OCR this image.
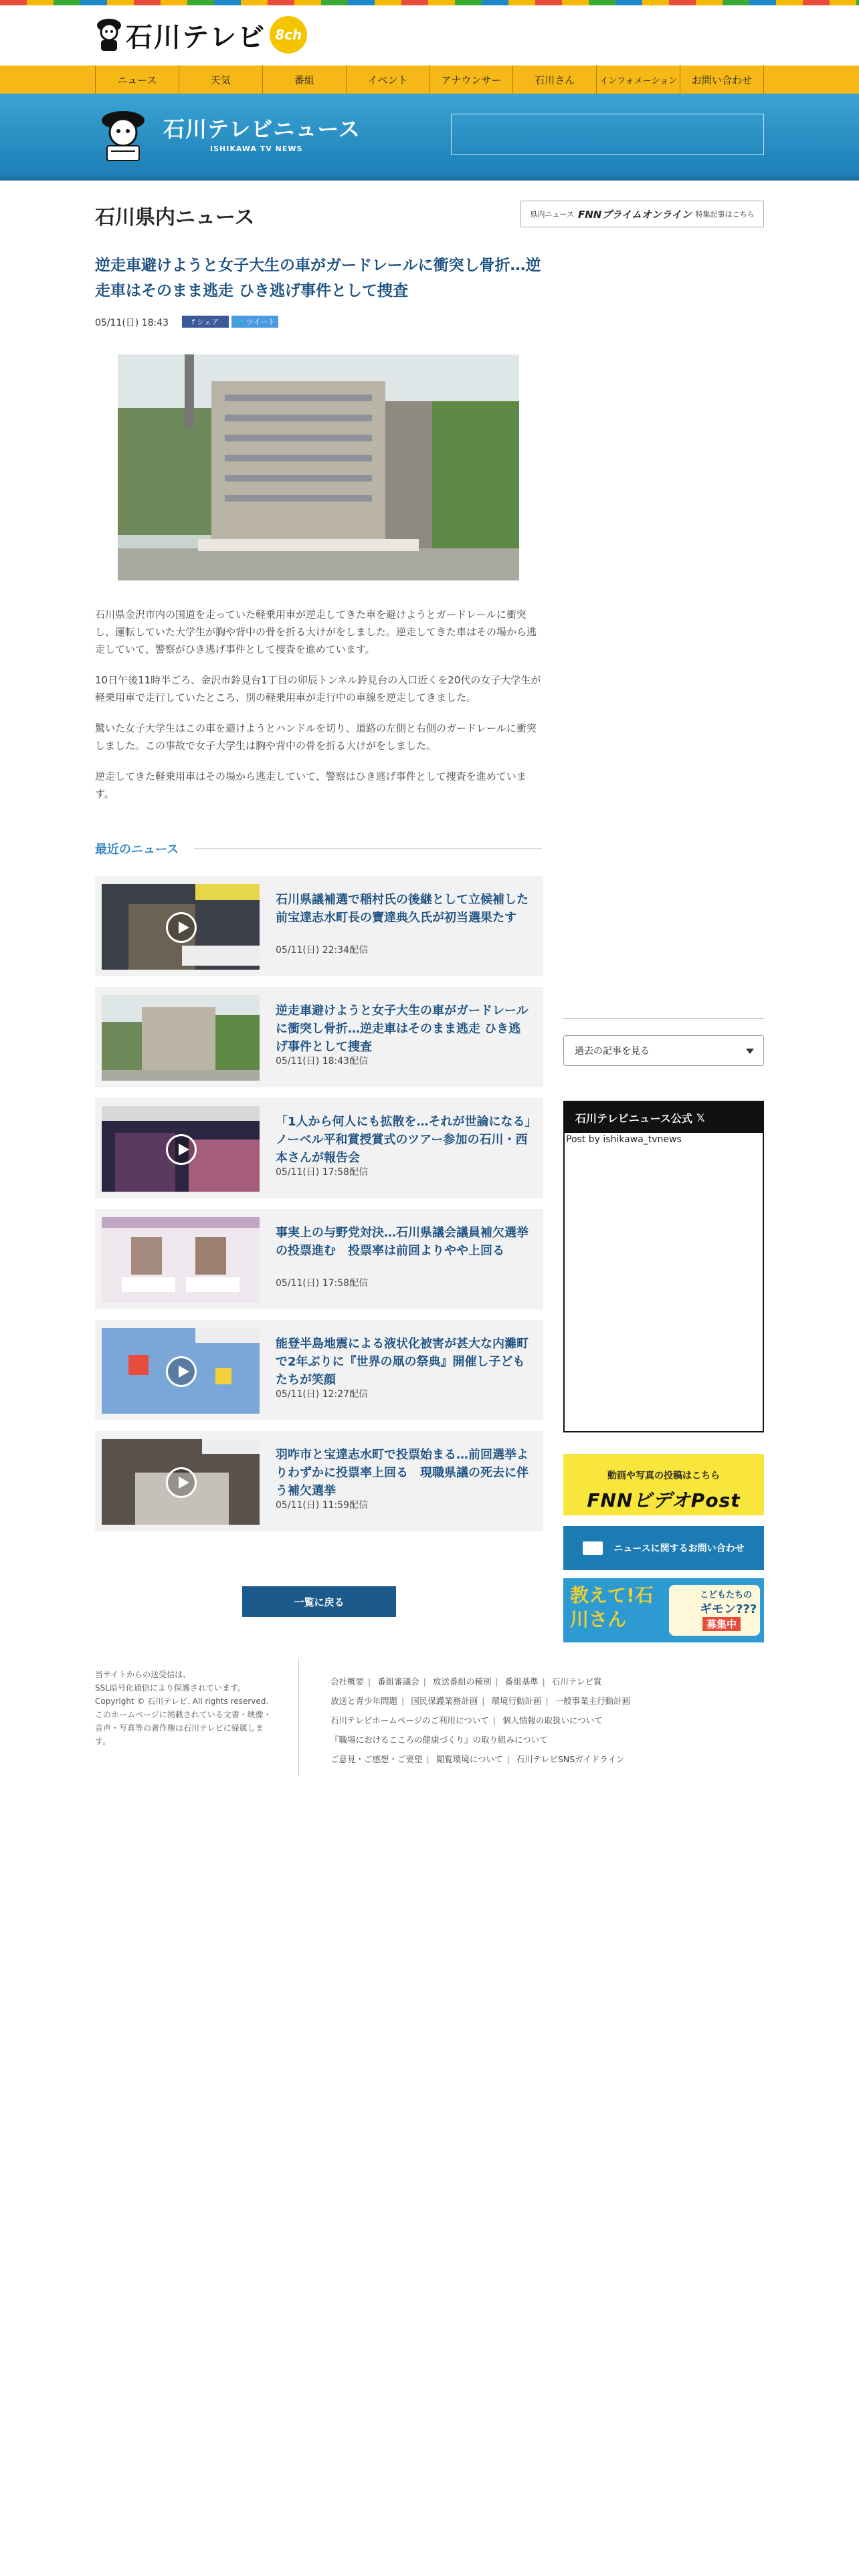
石川テレビ 8ch
ニュース	天気	番組	イベント	アナウンサー	石川さん	インフォメーション	お問い合わせ
石川テレビニュース
ISHIKAWA TV NEWS
石川県内ニュース	県内ニュース FNNプライムオンライン 特集記事はこちら
逆走車避けようと女子大生の車がガードレールに衝突し骨折…逆走車はそのまま逃走 ひき逃げ事件として捜査
05/11(日) 18:43	f シェア	🐦 ツイート

石川県金沢市内の国道を走っていた軽乗用車が逆走してきた車を避けようとガードレールに衝突し、運転していた大学生が胸や背中の骨を折る大けがをしました。逆走してきた車はその場から逃走していて、警察がひき逃げ事件として捜査を進めています。

10日午後11時半ごろ、金沢市鈴見台1丁目の卯辰トンネル鈴見台の入口近くを20代の女子大学生が軽乗用車で走行していたところ、別の軽乗用車が走行中の車線を逆走してきました。

驚いた女子大学生はこの車を避けようとハンドルを切り、道路の左側と右側のガードレールに衝突しました。この事故で女子大学生は胸や背中の骨を折る大けがをしました。

逆走してきた軽乗用車はその場から逃走していて、警察はひき逃げ事件として捜査を進めています。

最近のニュース
石川県議補選で稲村氏の後継として立候補した前宝達志水町長の寶達典久氏が初当選果たす
05/11(日) 22:34配信
逆走車避けようと女子大生の車がガードレールに衝突し骨折…逆走車はそのまま逃走 ひき逃げ事件として捜査
05/11(日) 18:43配信
「1人から何人にも拡散を…それが世論になる」ノーベル平和賞授賞式のツアー参加の石川・西本さんが報告会
05/11(日) 17:58配信
事実上の与野党対決…石川県議会議員補欠選挙の投票進む　投票率は前回よりやや上回る
05/11(日) 17:58配信
能登半島地震による液状化被害が甚大な内灘町で2年ぶりに『世界の凧の祭典』開催し子どもたちが笑顔
05/11(日) 12:27配信
羽咋市と宝達志水町で投票始まる…前回選挙よりわずかに投票率上回る　現職県議の死去に伴う補欠選挙
05/11(日) 11:59配信
一覧に戻る
過去の記事を見る
石川テレビニュース公式 𝕏
Post by ishikawa_tvnews
動画や写真の投稿はこちら
FNNビデオPost
ニュースに関するお問い合わせ
教えて!石川さん
こどもたちの
ギモン???
募集中
当サイトからの送受信は、
SSL暗号化通信により保護されています。
Copyright © 石川テレビ. All rights reserved.
このホームページに掲載されている文書・映像・音声・写真等の著作権は石川テレビに帰属します。
会社概要 | 番組審議会 | 放送番組の種別 | 番組基準 | 石川テレビ賞
放送と青少年問題 | 国民保護業務計画 | 環境行動計画 | 一般事業主行動計画
石川テレビホームページのご利用について | 個人情報の取扱いについて
『職場におけるこころの健康づくり』の取り組みについて
ご意見・ご感想・ご要望 | 閲覧環境について | 石川テレビSNSガイドライン
